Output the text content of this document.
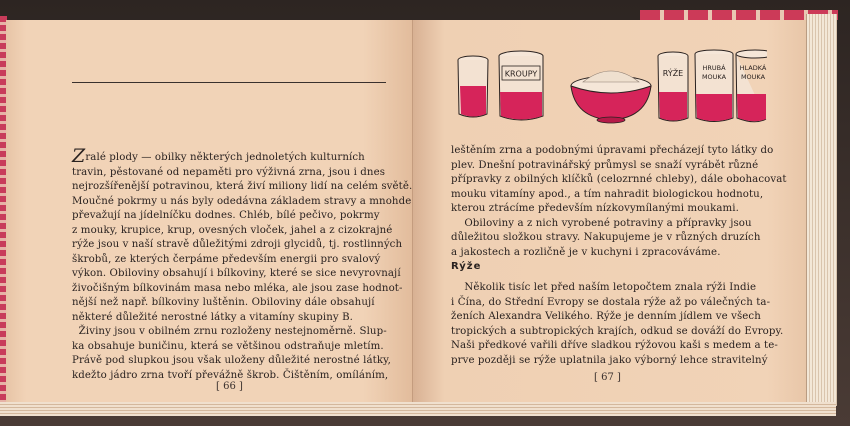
Zralé plody — obilky některých jednoletých kulturních
travin, pěstované od nepaměti pro výživná zrna, jsou i dnes
nejrozšířenější potravinou, která živí miliony lidí na celém světě.
Moučné pokrmy u nás byly odedávna základem stravy a mnohde
převažují na jídelníčku dodnes. Chléb, bílé pečivo, pokrmy
z mouky, krupice, krup, ovesných vloček, jahel a z cizokrajné
rýže jsou v naší stravě důležitými zdroji glycidů, tj. rostlinných
škrobů, ze kterých čerpáme především energii pro svalový
výkon. Obiloviny obsahují i bílkoviny, které se sice nevyrovnají
živočišným bílkovinám masa nebo mléka, ale jsou zase hodnot-
nější než např. bílkoviny luštěnin. Obiloviny dále obsahují
některé důležité nerostné látky a vitamíny skupiny B.
Živiny jsou v obilném zrnu rozloženy nestejnoměrně. Slup-
ka obsahuje buničinu, která se většinou odstraňuje mletím.
Právě pod slupkou jsou však uloženy důležité nerostné látky,
kdežto jádro zrna tvoří převážně škrob. Čištěním, omíláním,
[ 66 ]
KROUPY	RÝŽE
HRUBÁ MOUKA
HLADKÁ MOUKA
leštěním zrna a podobnými úpravami přecházejí tyto látky do
plev. Dnešní potravinářský průmysl se snaží vyrábět různé
přípravky z obilných klíčků (celozrnné chleby), dále obohacovat
mouku vitamíny apod., a tím nahradit biologickou hodnotu,
kterou ztrácíme především nízkovymílanými moukami.
Obiloviny a z nich vyrobené potraviny a přípravky jsou
důležitou složkou stravy. Nakupujeme je v různých druzích
a jakostech a rozličně je v kuchyni i zpracováváme.
Rýže
Několik tisíc let před naším letopočtem znala rýži Indie
i Čína, do Střední Evropy se dostala rýže až po válečných ta-
ženích Alexandra Velikého. Rýže je denním jídlem ve všech
tropických a subtropických krajích, odkud se dováží do Evropy.
Naši předkové vařili dříve sladkou rýžovou kaši s medem a te-
prve později se rýže uplatnila jako výborný lehce stravitelný
[ 67 ]
